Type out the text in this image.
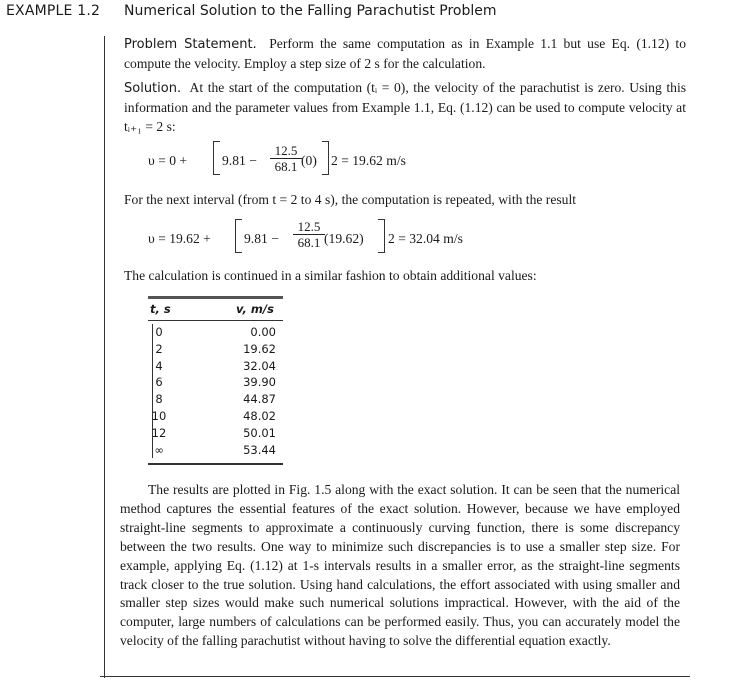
EXAMPLE 1.2 Numerical Solution to the Falling Parachutist Problem
Problem Statement. Perform the same computation as in Example 1.1 but use Eq. (1.12) to compute the velocity. Employ a step size of 2 s for the calculation.
Solution. At the start of the computation (tᵢ = 0), the velocity of the parachutist is zero. Using this information and the parameter values from Example 1.1, Eq. (1.12) can be used to compute velocity at tᵢ₊₁ = 2 s:
υ = 0 +	$9.81 - \frac{12.5}{68.1} (0) 2 = 19.62$ m/s
For the next interval (from t = 2 to 4 s), the computation is repeated, with the result
$\upsilon = 19.62 + 9.81 - \frac{12.5}{68.1} (19.62) 2 = 32.04$ m/s
The calculation is continued in a similar fashion to obtain additional values:
t, s	v, m/s
0	0.00
2	19.62
4	32.04
6	39.90
8	44.87
10	48.02
12	50.01
∞	53.44
The results are plotted in Fig. 1.5 along with the exact solution. It can be seen that the numerical method captures the essential features of the exact solution. However, because we have employed straight-line segments to approximate a continuously curving function, there is some discrepancy between the two results. One way to minimize such discrepancies is to use a smaller step size. For example, applying Eq. (1.12) at 1-s intervals results in a smaller error, as the straight-line segments track closer to the true solution. Using hand calculations, the effort associated with using smaller and smaller step sizes would make such numerical solutions impractical. However, with the aid of the computer, large numbers of calculations can be performed easily. Thus, you can accurately model the velocity of the falling parachutist without having to solve the differential equation exactly.
